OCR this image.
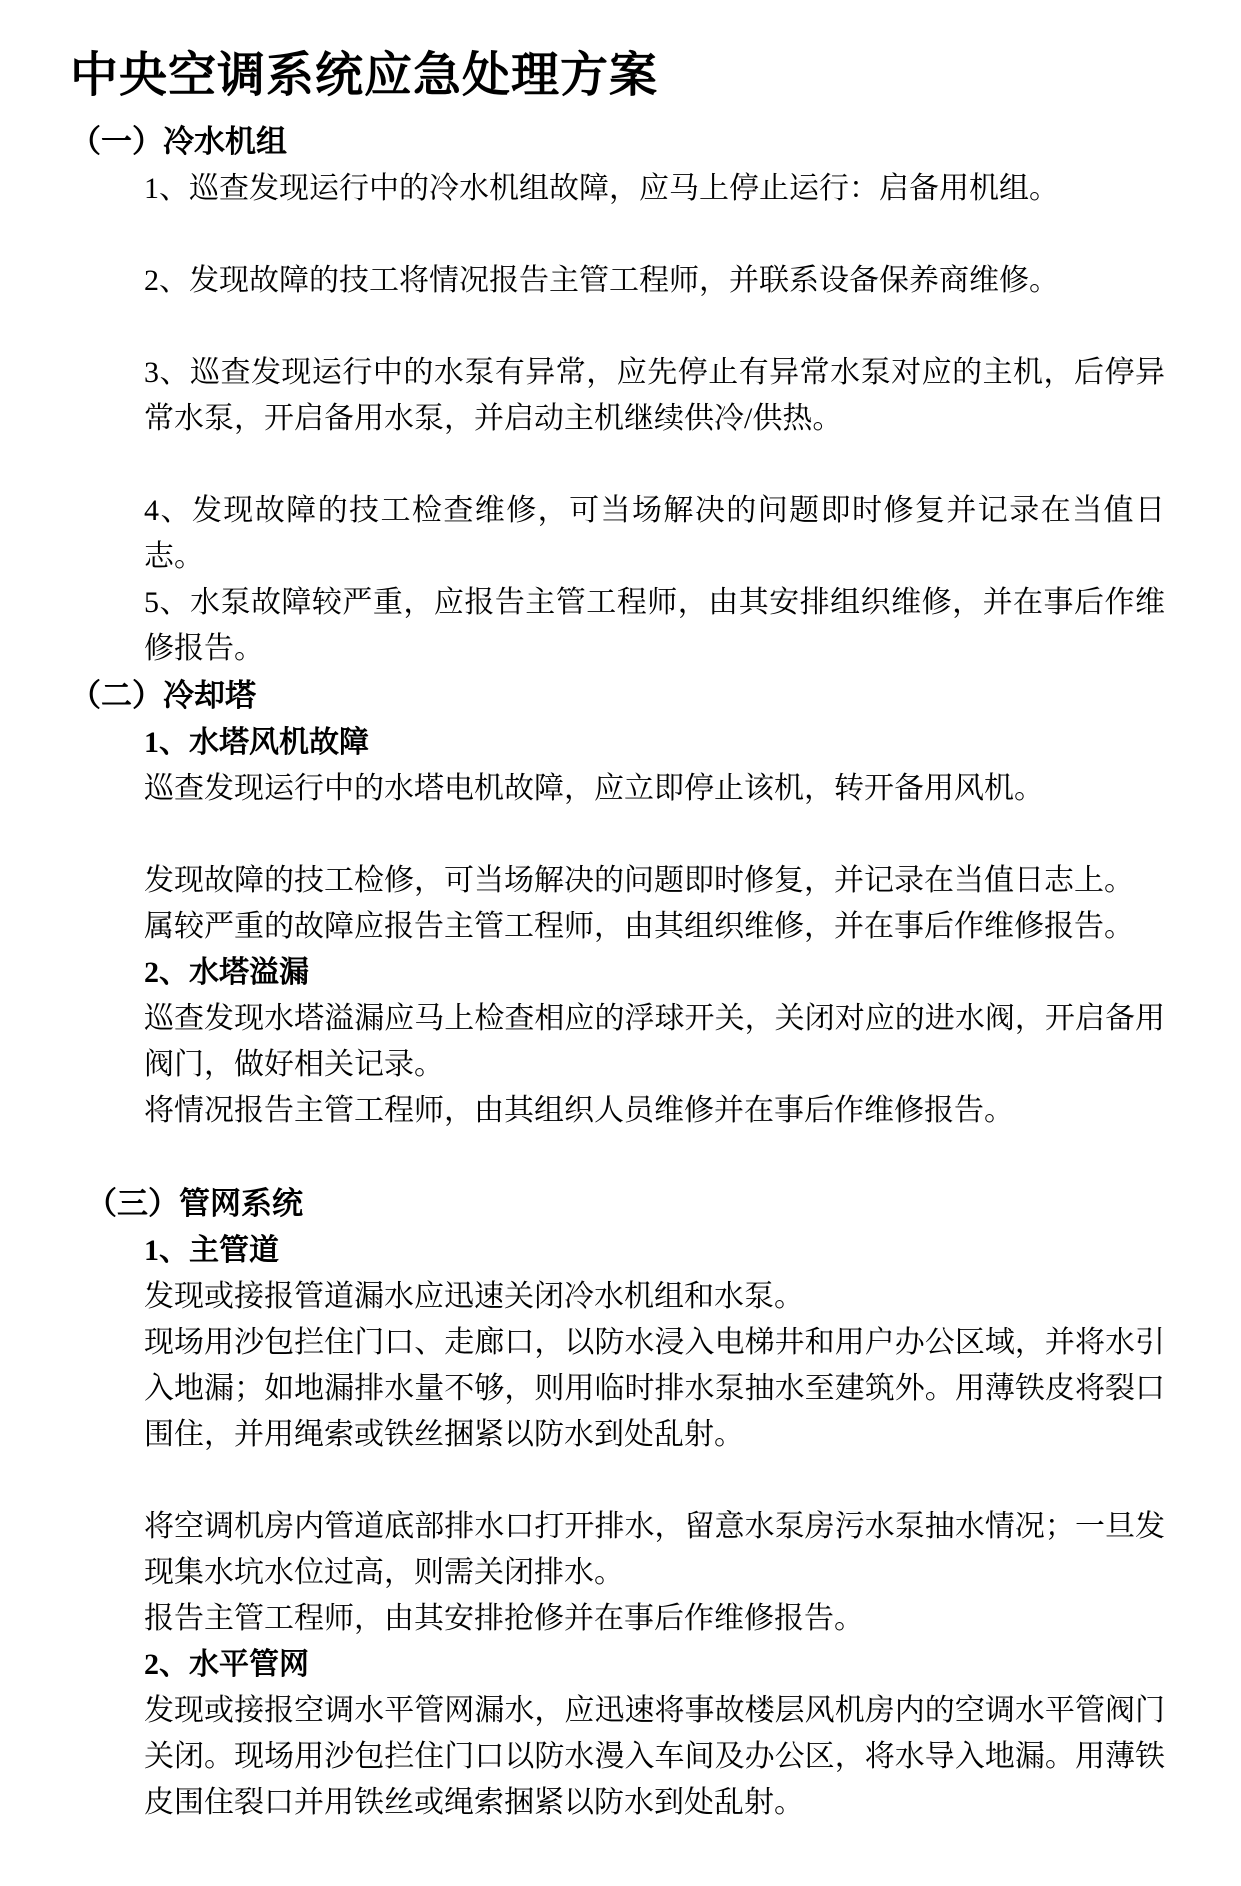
中央空调系统应急处理方案
（一）冷水机组

1、巡查发现运行中的冷水机组故障，应马上停止运行：启备用机组。

2、发现故障的技工将情况报告主管工程师，并联系设备保养商维修。

3、巡查发现运行中的水泵有异常，应先停止有异常水泵对应的主机，后停异常水泵，开启备用水泵，并启动主机继续供冷/供热。

4、发现故障的技工检查维修，可当场解决的问题即时修复并记录在当值日志。

5、水泵故障较严重，应报告主管工程师，由其安排组织维修，并在事后作维修报告。

（二）冷却塔

1、水塔风机故障

巡查发现运行中的水塔电机故障，应立即停止该机，转开备用风机。

发现故障的技工检修，可当场解决的问题即时修复，并记录在当值日志上。

属较严重的故障应报告主管工程师，由其组织维修，并在事后作维修报告。

2、水塔溢漏

巡查发现水塔溢漏应马上检查相应的浮球开关，关闭对应的进水阀，开启备用阀门，做好相关记录。

将情况报告主管工程师，由其组织人员维修并在事后作维修报告。

（三）管网系统

1、主管道

发现或接报管道漏水应迅速关闭冷水机组和水泵。

现场用沙包拦住门口、走廊口，以防水浸入电梯井和用户办公区域，并将水引入地漏；如地漏排水量不够，则用临时排水泵抽水至建筑外。用薄铁皮将裂口围住，并用绳索或铁丝捆紧以防水到处乱射。

将空调机房内管道底部排水口打开排水，留意水泵房污水泵抽水情况；一旦发现集水坑水位过高，则需关闭排水。

报告主管工程师，由其安排抢修并在事后作维修报告。

2、水平管网

发现或接报空调水平管网漏水，应迅速将事故楼层风机房内的空调水平管阀门关闭。现场用沙包拦住门口以防水漫入车间及办公区，将水导入地漏。用薄铁皮围住裂口并用铁丝或绳索捆紧以防水到处乱射。
